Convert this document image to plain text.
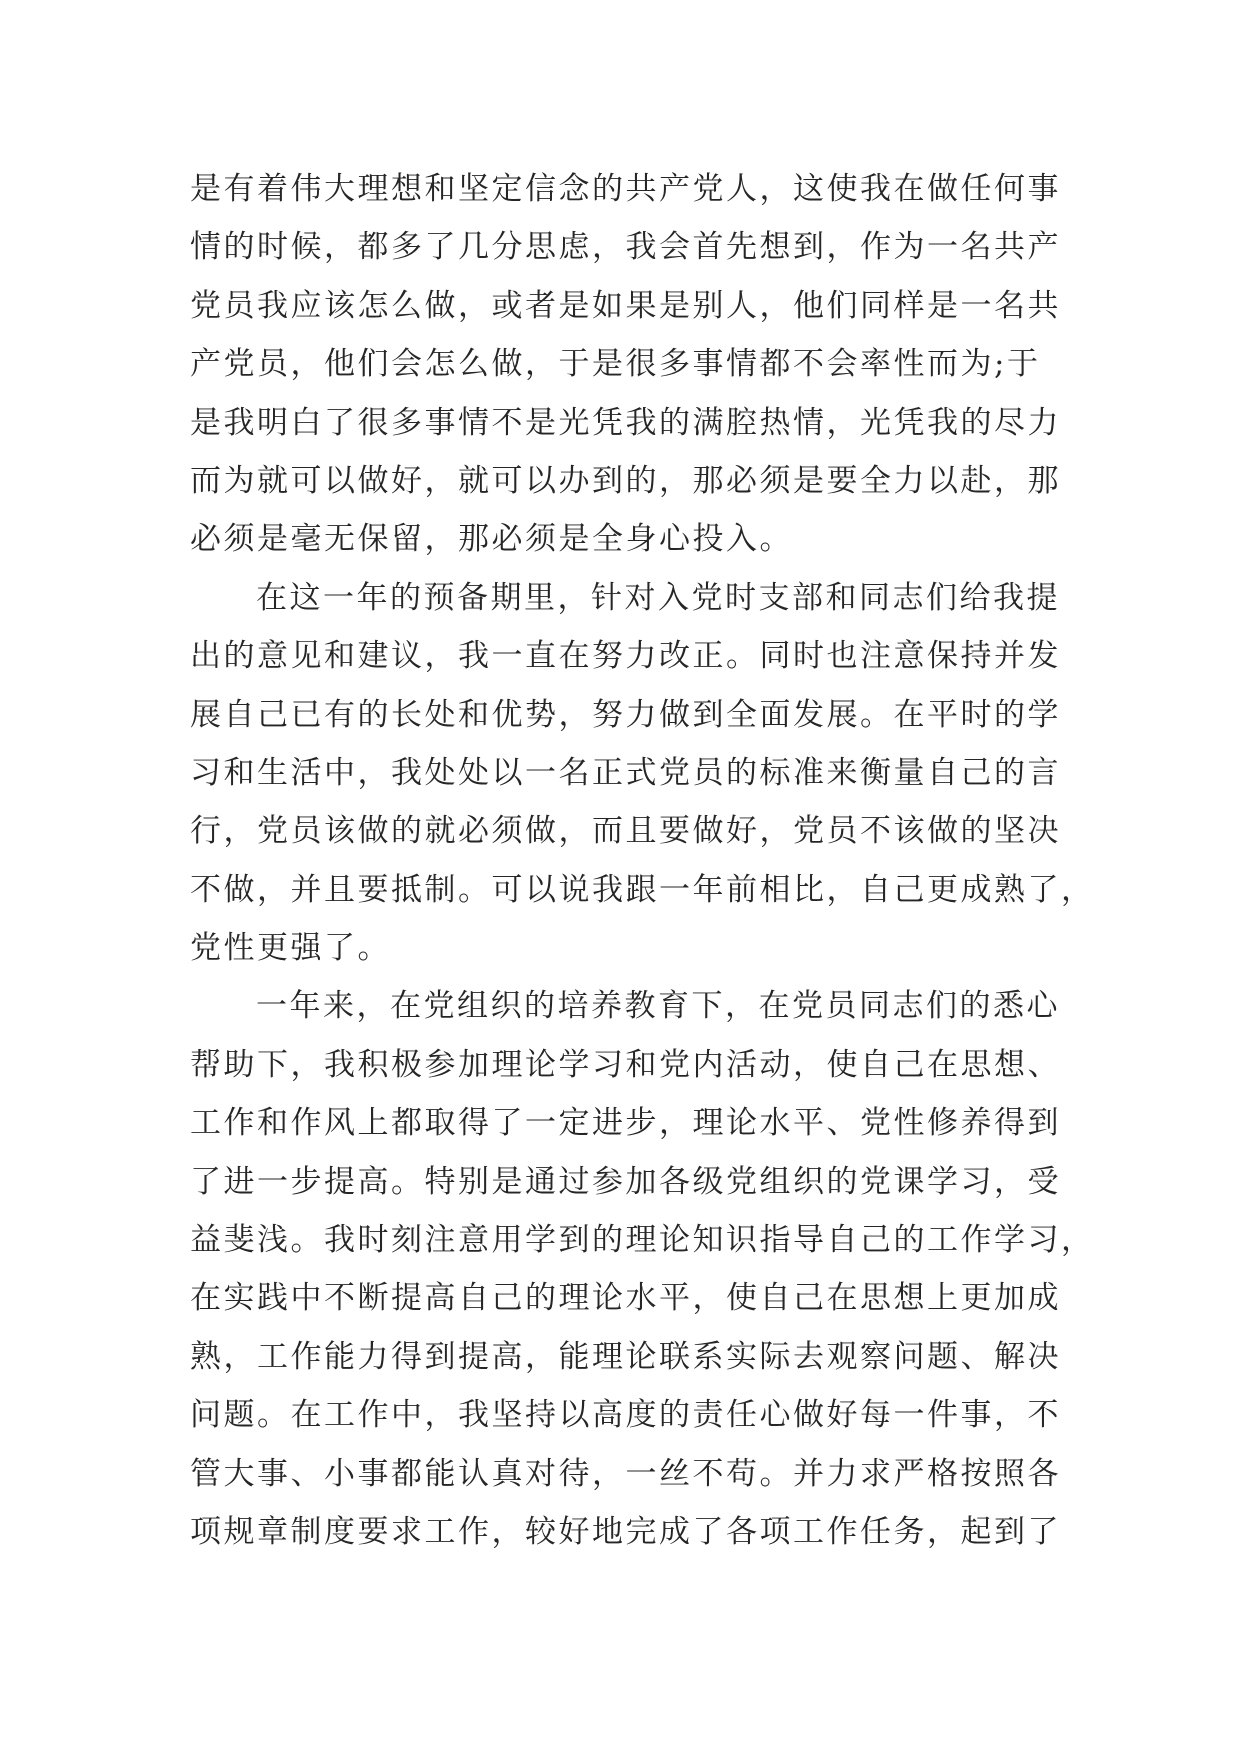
是有着伟大理想和坚定信念的共产党人，这使我在做任何事
情的时候，都多了几分思虑，我会首先想到，作为一名共产
党员我应该怎么做，或者是如果是别人，他们同样是一名共
产党员，他们会怎么做，于是很多事情都不会率性而为;于
是我明白了很多事情不是光凭我的满腔热情，光凭我的尽力
而为就可以做好，就可以办到的，那必须是要全力以赴，那
必须是毫无保留，那必须是全身心投入。
在这一年的预备期里，针对入党时支部和同志们给我提
出的意见和建议，我一直在努力改正。同时也注意保持并发
展自己已有的长处和优势，努力做到全面发展。在平时的学
习和生活中，我处处以一名正式党员的标准来衡量自己的言
行，党员该做的就必须做，而且要做好，党员不该做的坚决
不做，并且要抵制。可以说我跟一年前相比，自己更成熟了，
党性更强了。
一年来，在党组织的培养教育下，在党员同志们的悉心
帮助下，我积极参加理论学习和党内活动，使自己在思想、
工作和作风上都取得了一定进步，理论水平、党性修养得到
了进一步提高。特别是通过参加各级党组织的党课学习，受
益斐浅。我时刻注意用学到的理论知识指导自己的工作学习，
在实践中不断提高自己的理论水平，使自己在思想上更加成
熟，工作能力得到提高，能理论联系实际去观察问题、解决
问题。在工作中，我坚持以高度的责任心做好每一件事，不
管大事、小事都能认真对待，一丝不苟。并力求严格按照各
项规章制度要求工作，较好地完成了各项工作任务，起到了
